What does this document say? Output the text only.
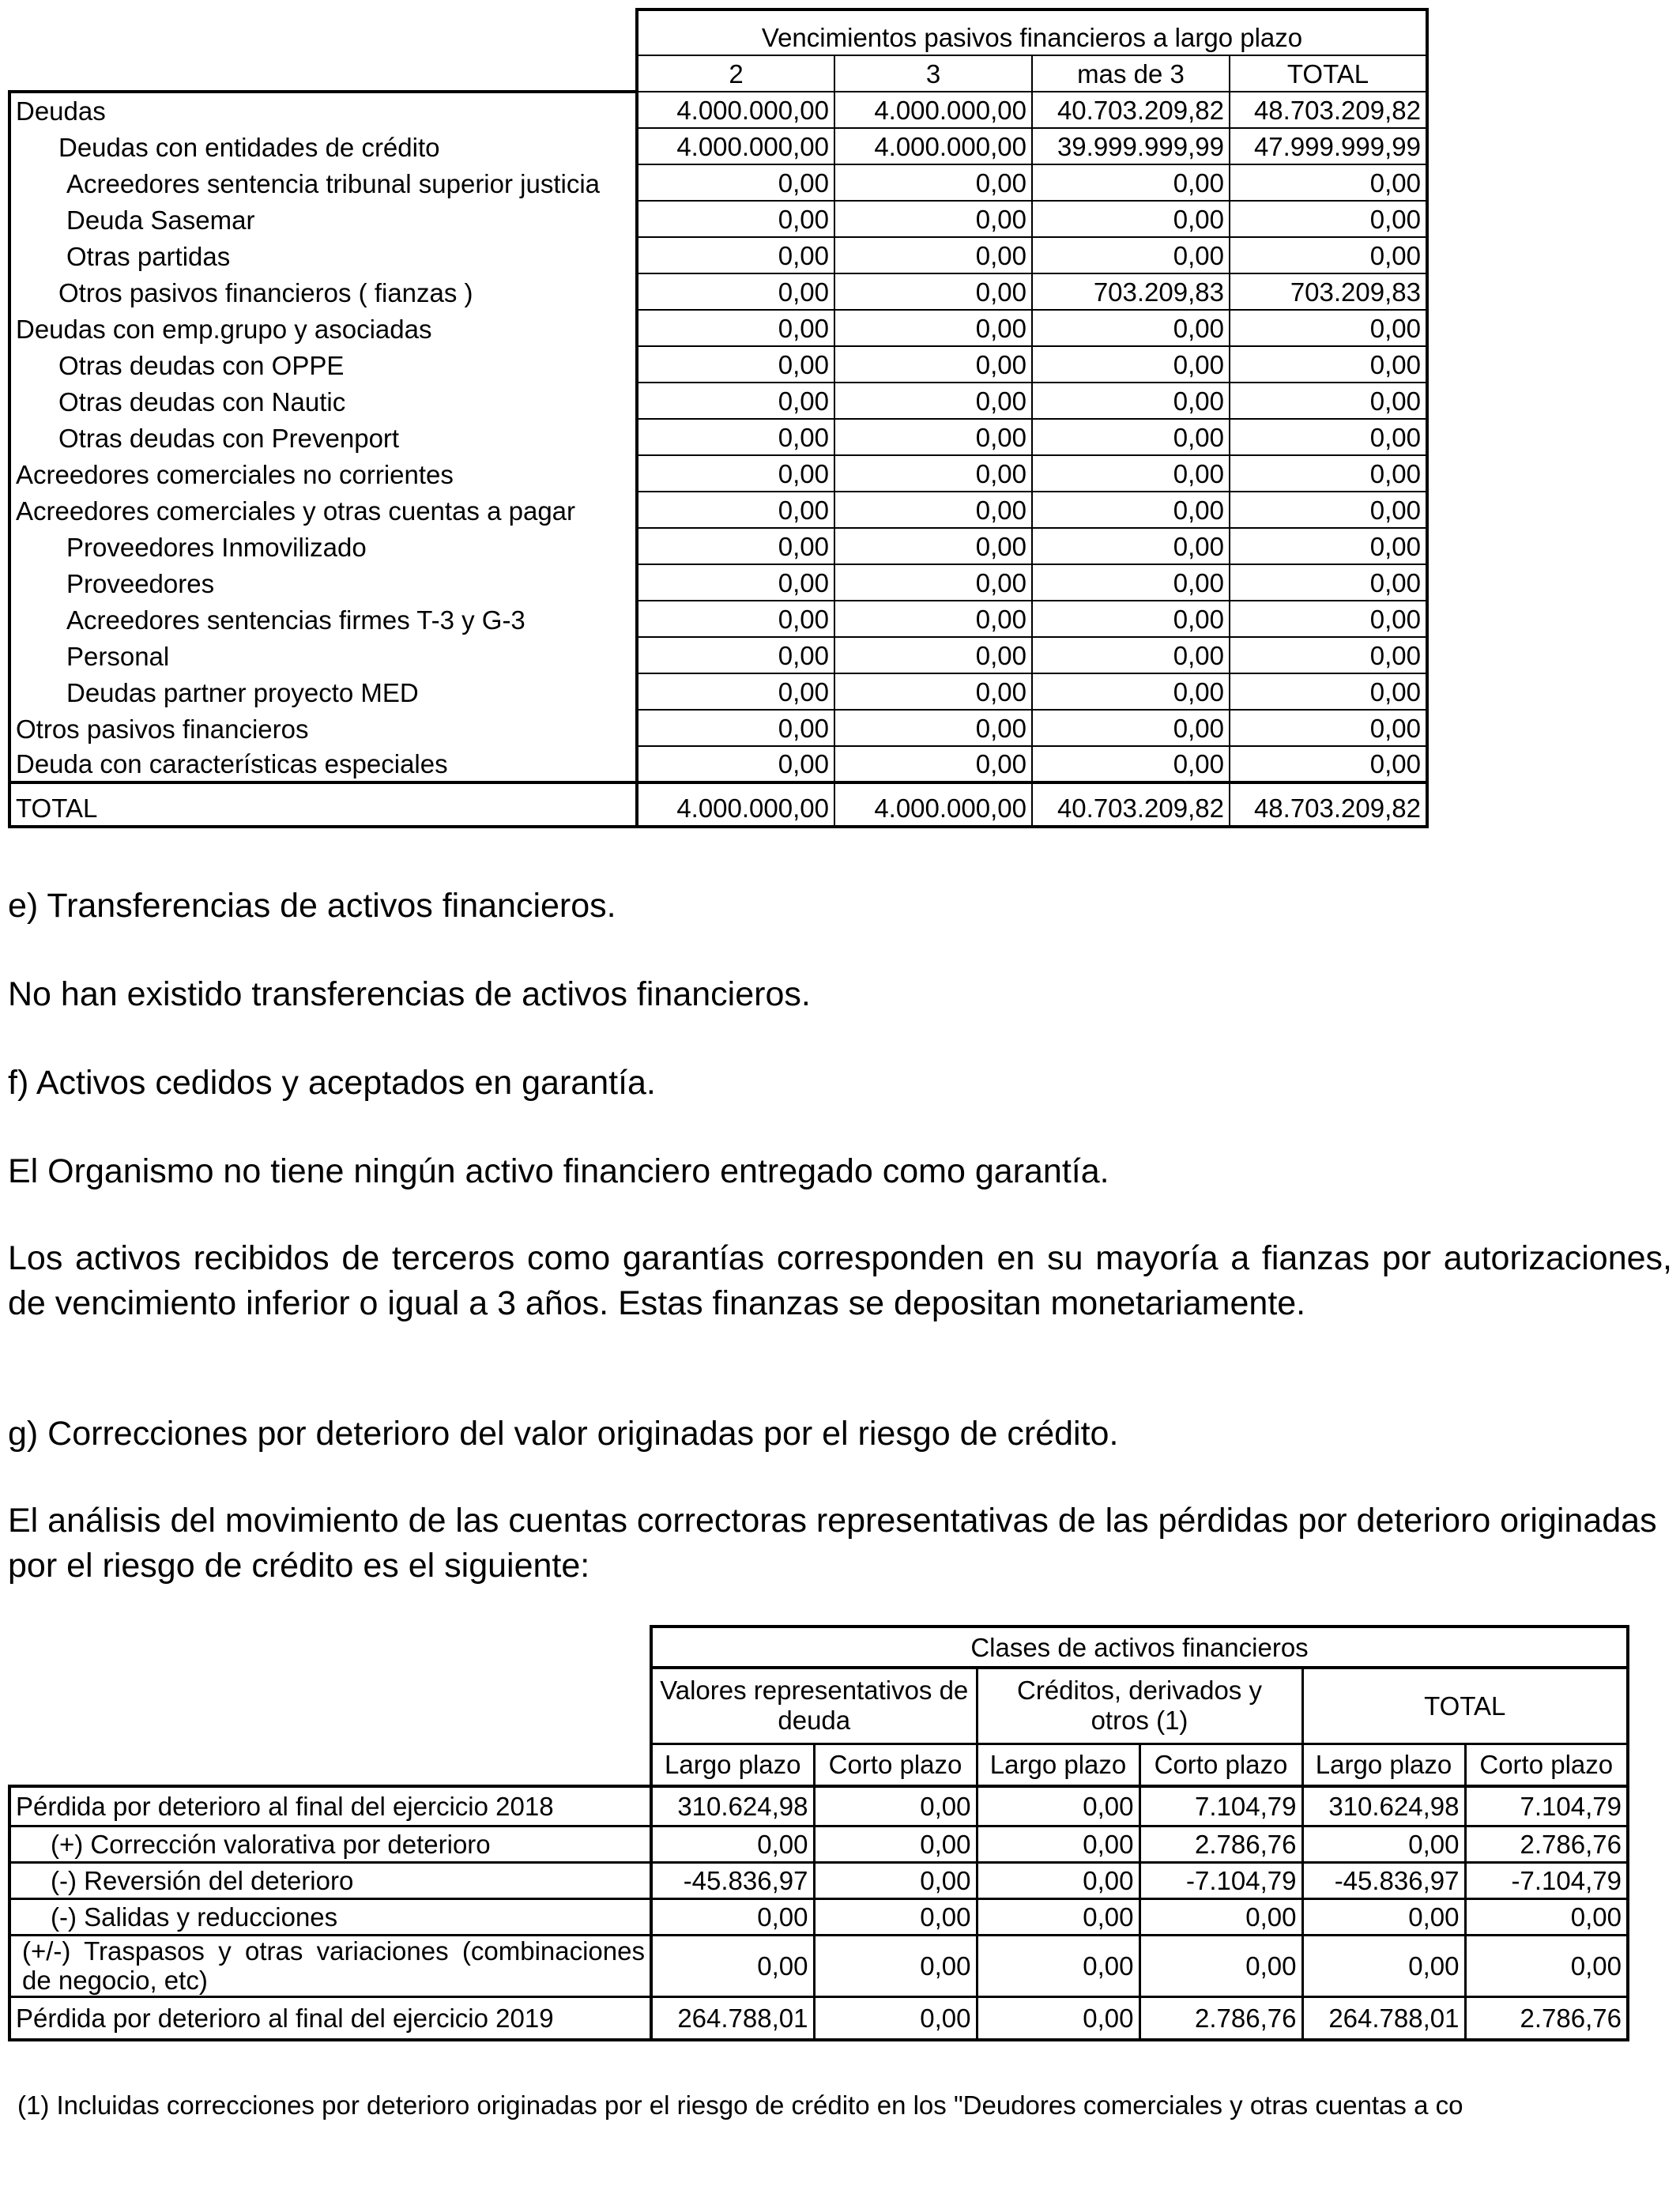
	Vencimientos pasivos financieros a largo plazo			
	2	3	mas de 3	TOTAL
Deudas	4.000.000,00	4.000.000,00	40.703.209,82	48.703.209,82
Deudas con entidades de crédito	4.000.000,00	4.000.000,00	39.999.999,99	47.999.999,99
Acreedores sentencia tribunal superior justicia	0,00	0,00	0,00	0,00
Deuda Sasemar	0,00	0,00	0,00	0,00
Otras partidas	0,00	0,00	0,00	0,00
Otros pasivos financieros ( fianzas )	0,00	0,00	703.209,83	703.209,83
Deudas con emp.grupo y asociadas	0,00	0,00	0,00	0,00
Otras deudas con OPPE	0,00	0,00	0,00	0,00
Otras deudas con Nautic	0,00	0,00	0,00	0,00
Otras deudas con Prevenport	0,00	0,00	0,00	0,00
Acreedores comerciales no corrientes	0,00	0,00	0,00	0,00
Acreedores comerciales y otras cuentas a pagar	0,00	0,00	0,00	0,00
Proveedores Inmovilizado	0,00	0,00	0,00	0,00
Proveedores	0,00	0,00	0,00	0,00
Acreedores sentencias firmes T-3 y G-3	0,00	0,00	0,00	0,00
Personal	0,00	0,00	0,00	0,00
Deudas partner proyecto MED	0,00	0,00	0,00	0,00
Otros pasivos financieros	0,00	0,00	0,00	0,00
Deuda con características especiales	0,00	0,00	0,00	0,00
TOTAL	4.000.000,00	4.000.000,00	40.703.209,82	48.703.209,82

e) Transferencias de activos financieros.

No han existido transferencias de activos financieros.

f) Activos cedidos y aceptados en garantía.

El Organismo no tiene ningún activo financiero entregado como garantía.

Los activos recibidos de terceros como garantías corresponden en su mayoría a fianzas por autorizaciones, de vencimiento inferior o igual a 3 años. Estas finanzas se depositan monetariamente.

g) Correcciones por deterioro del valor originadas por el riesgo de crédito.

El análisis del movimiento de las cuentas correctoras representativas de las pérdidas por deterioro originadas por el riesgo de crédito es el siguiente:

	Clases de activos financieros					
	Valores representativos de deuda		Créditos, derivados y otros (1)		TOTAL	
	Largo plazo	Corto plazo	Largo plazo	Corto plazo	Largo plazo	Corto plazo
Pérdida por deterioro al final del ejercicio 2018	310.624,98	0,00	0,00	7.104,79	310.624,98	7.104,79
(+) Corrección valorativa por deterioro	0,00	0,00	0,00	2.786,76	0,00	2.786,76
(-) Reversión del deterioro	-45.836,97	0,00	0,00	-7.104,79	-45.836,97	-7.104,79
(-) Salidas y reducciones	0,00	0,00	0,00	0,00	0,00	0,00
(+/-) Traspasos y otras variaciones (combinaciones de negocio, etc)	0,00	0,00	0,00	0,00	0,00	0,00
Pérdida por deterioro al final del ejercicio 2019	264.788,01	0,00	0,00	2.786,76	264.788,01	2.786,76
(1) Incluidas correcciones por deterioro originadas por el riesgo de crédito en los "Deudores comerciales y otras cuentas a co
